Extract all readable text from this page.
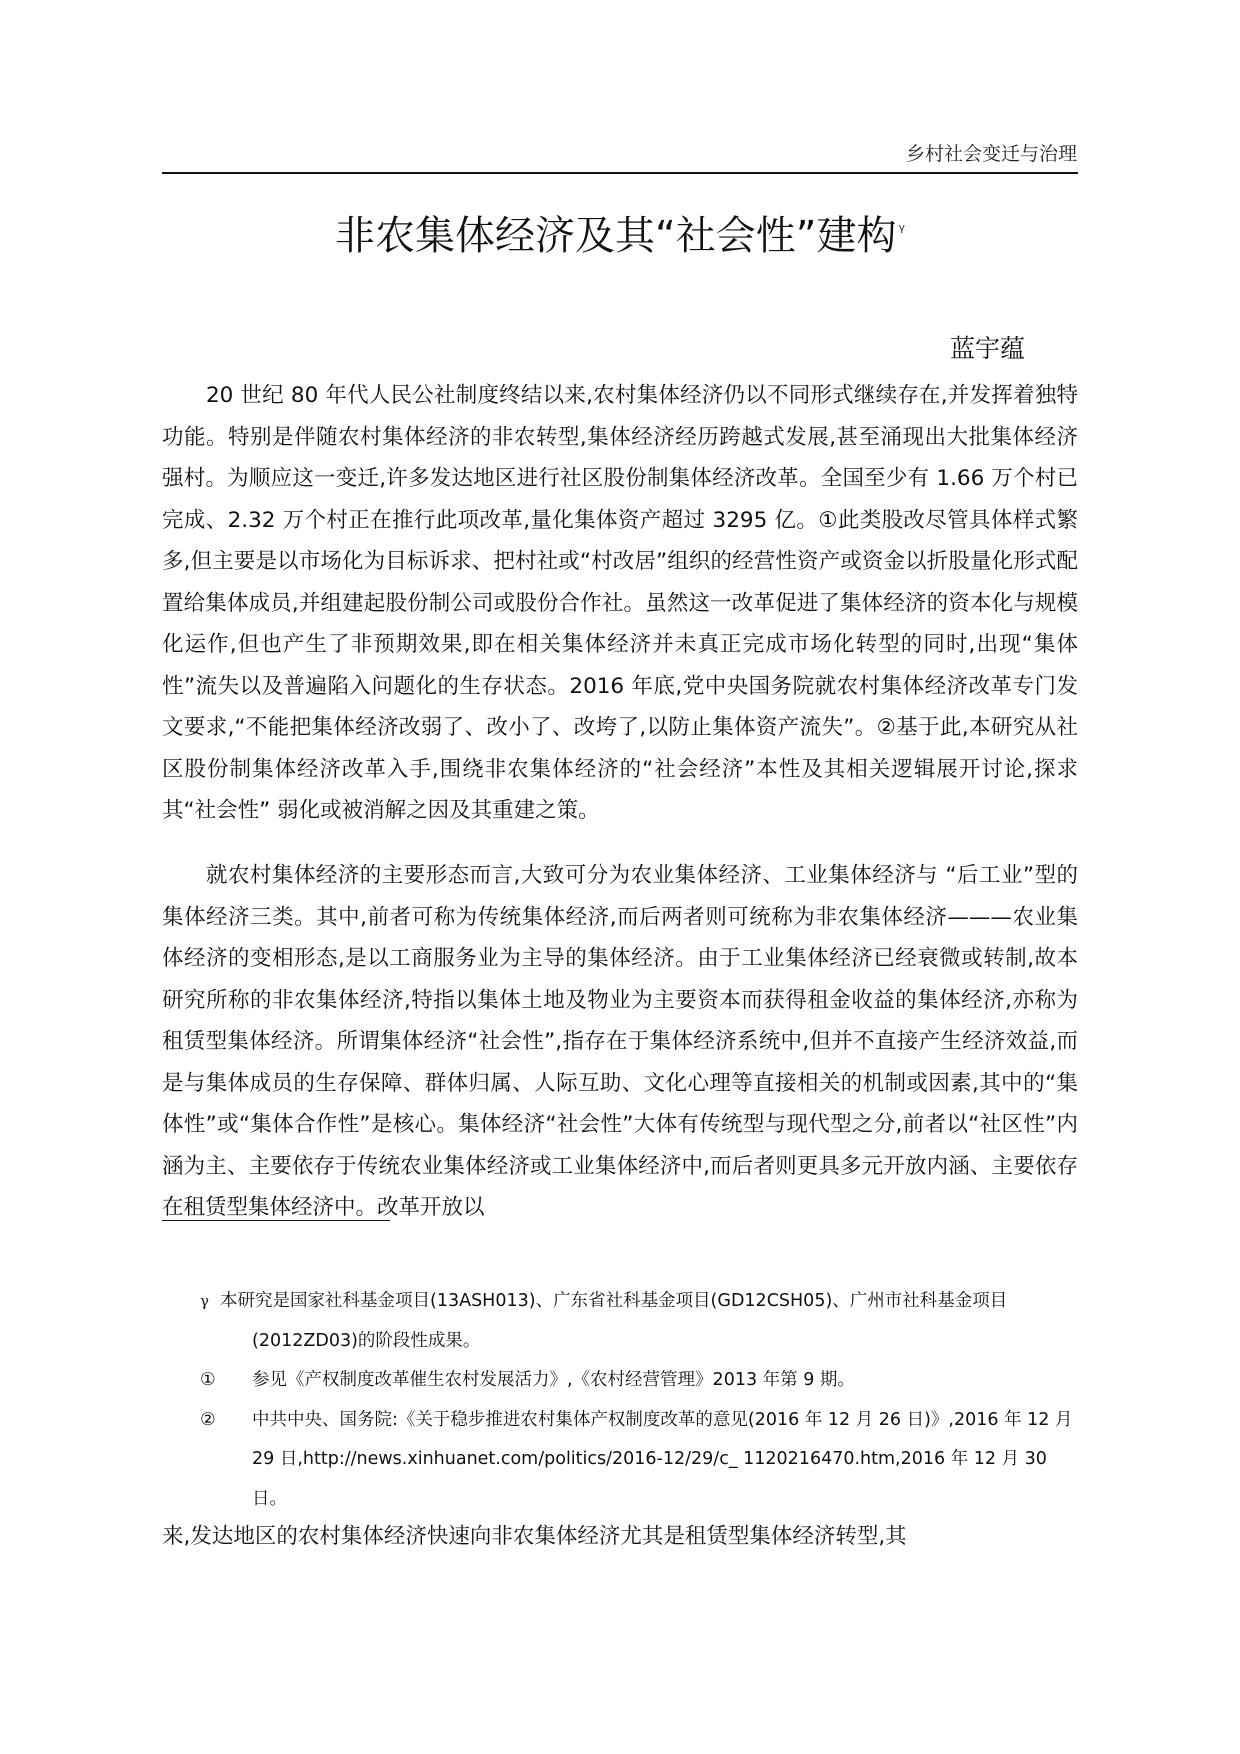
乡村社会变迁与治理
非农集体经济及其“社会性”建构 $^\gamma$
蓝宇蕴

20 世纪 80 年代人民公社制度终结以来,农村集体经济仍以不同形式继续存在,并发挥着独特功能。特别是伴随农村集体经济的非农转型,集体经济经历跨越式发展,甚至涌现出大批集体经济强村。为顺应这一变迁,许多发达地区进行社区股份制集体经济改革。全国至少有 1.66 万个村已完成、2.32 万个村正在推行此项改革,量化集体资产超过 3295 亿。①此类股改尽管具体样式繁多,但主要是以市场化为目标诉求、把村社或“村改居”组织的经营性资产或资金以折股量化形式配置给集体成员,并组建起股份制公司或股份合作社。虽然这一改革促进了集体经济的资本化与规模化运作,但也产生了非预期效果,即在相关集体经济并未真正完成市场化转型的同时,出现“集体性”流失以及普遍陷入问题化的生存状态。2016 年底,党中央国务院就农村集体经济改革专门发文要求,“不能把集体经济改弱了、改小了、改垮了,以防止集体资产流失”。②基于此,本研究从社区股份制集体经济改革入手,围绕非农集体经济的“社会经济”本性及其相关逻辑展开讨论,探求其“社会性” 弱化或被消解之因及其重建之策。

就农村集体经济的主要形态而言,大致可分为农业集体经济、工业集体经济与 “后工业”型的集体经济三类。其中,前者可称为传统集体经济,而后两者则可统称为非农集体经济———农业集体经济的变相形态,是以工商服务业为主导的集体经济。由于工业集体经济已经衰微或转制,故本研究所称的非农集体经济,特指以集体土地及物业为主要资本而获得租金收益的集体经济,亦称为租赁型集体经济。所谓集体经济“社会性”,指存在于集体经济系统中,但并不直接产生经济效益,而是与集体成员的生存保障、群体归属、人际互助、文化心理等直接相关的机制或因素,其中的“集体性”或“集体合作性”是核心。集体经济“社会性”大体有传统型与现代型之分,前者以“社区性”内涵为主、主要依存于传统农业集体经济或工业集体经济中,而后者则更具多元开放内涵、主要依存在租赁型集体经济中。改革开放以

γ 本研究是国家社科基金项目(13ASH013)、广东省社科基金项目(GD12CSH05)、广州市社科基金项目
(2012ZD03)的阶段性成果。
①	参见《产权制度改革催生农村发展活力》,《农村经营管理》2013 年第 9 期。
②	中共中央、国务院:《关于稳步推进农村集体产权制度改革的意见(2016 年 12 月 26 日)》,2016 年 12 月 29 日,http://news.xinhuanet.com/politics/2016-12/29/c_ 1120216470.htm,2016 年 12 月 30 日。
来,发达地区的农村集体经济快速向非农集体经济尤其是租赁型集体经济转型,其
